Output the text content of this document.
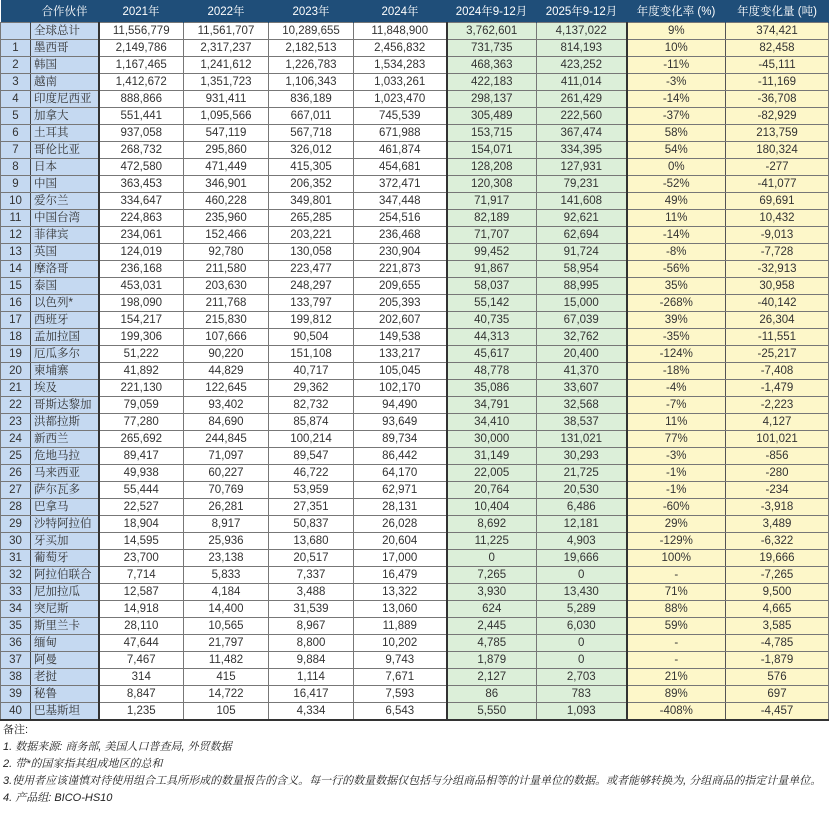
	合作伙伴	2021年	2022年	2023年	2024年	2024年9-12月	2025年9-12月	年度变化率 (%)	年度变化量 (吨)
	全球总计	11,556,779	11,561,707	10,289,655	11,848,900	3,762,601	4,137,022	9%	374,421
1	墨西哥	2,149,786	2,317,237	2,182,513	2,456,832	731,735	814,193	10%	82,458
2	韩国	1,167,465	1,241,612	1,226,783	1,534,283	468,363	423,252	-11%	-45,111
3	越南	1,412,672	1,351,723	1,106,343	1,033,261	422,183	411,014	-3%	-11,169
4	印度尼西亚	888,866	931,411	836,189	1,023,470	298,137	261,429	-14%	-36,708
5	加拿大	551,441	1,095,566	667,011	745,539	305,489	222,560	-37%	-82,929
6	土耳其	937,058	547,119	567,718	671,988	153,715	367,474	58%	213,759
7	哥伦比亚	268,732	295,860	326,012	461,874	154,071	334,395	54%	180,324
8	日本	472,580	471,449	415,305	454,681	128,208	127,931	0%	-277
9	中国	363,453	346,901	206,352	372,471	120,308	79,231	-52%	-41,077
10	爱尔兰	334,647	460,228	349,801	347,448	71,917	141,608	49%	69,691
11	中国台湾	224,863	235,960	265,285	254,516	82,189	92,621	11%	10,432
12	菲律宾	234,061	152,466	203,221	236,468	71,707	62,694	-14%	-9,013
13	英国	124,019	92,780	130,058	230,904	99,452	91,724	-8%	-7,728
14	摩洛哥	236,168	211,580	223,477	221,873	91,867	58,954	-56%	-32,913
15	泰国	453,031	203,630	248,297	209,655	58,037	88,995	35%	30,958
16	以色列*	198,090	211,768	133,797	205,393	55,142	15,000	-268%	-40,142
17	西班牙	154,217	215,830	199,812	202,607	40,735	67,039	39%	26,304
18	孟加拉国	199,306	107,666	90,504	149,538	44,313	32,762	-35%	-11,551
19	厄瓜多尔	51,222	90,220	151,108	133,217	45,617	20,400	-124%	-25,217
20	柬埔寨	41,892	44,829	40,717	105,045	48,778	41,370	-18%	-7,408
21	埃及	221,130	122,645	29,362	102,170	35,086	33,607	-4%	-1,479
22	哥斯达黎加	79,059	93,402	82,732	94,490	34,791	32,568	-7%	-2,223
23	洪都拉斯	77,280	84,690	85,874	93,649	34,410	38,537	11%	4,127
24	新西兰	265,692	244,845	100,214	89,734	30,000	131,021	77%	101,021
25	危地马拉	89,417	71,097	89,547	86,442	31,149	30,293	-3%	-856
26	马来西亚	49,938	60,227	46,722	64,170	22,005	21,725	-1%	-280
27	萨尔瓦多	55,444	70,769	53,959	62,971	20,764	20,530	-1%	-234
28	巴拿马	22,527	26,281	27,351	28,131	10,404	6,486	-60%	-3,918
29	沙特阿拉伯	18,904	8,917	50,837	26,028	8,692	12,181	29%	3,489
30	牙买加	14,595	25,936	13,680	20,604	11,225	4,903	-129%	-6,322
31	葡萄牙	23,700	23,138	20,517	17,000	0	19,666	100%	19,666
32	阿拉伯联合	7,714	5,833	7,337	16,479	7,265	0	-	-7,265
33	尼加拉瓜	12,587	4,184	3,488	13,322	3,930	13,430	71%	9,500
34	突尼斯	14,918	14,400	31,539	13,060	624	5,289	88%	4,665
35	斯里兰卡	28,110	10,565	8,967	11,889	2,445	6,030	59%	3,585
36	缅甸	47,644	21,797	8,800	10,202	4,785	0	-	-4,785
37	阿曼	7,467	11,482	9,884	9,743	1,879	0	-	-1,879
38	老挝	314	415	1,114	7,671	2,127	2,703	21%	576
39	秘鲁	8,847	14,722	16,417	7,593	86	783	89%	697
40	巴基斯坦	1,235	105	4,334	6,543	5,550	1,093	-408%	-4,457
备注:
1. 数据来源: 商务部, 美国人口普查局, 外贸数据
2. 带*的国家指其组成地区的总和
3.使用者应该谨慎对待使用组合工具所形成的数量报告的含义。每一行的数量数据仅包括与分组商品相等的计量单位的数据。或者能够转换为, 分组商品的指定计量单位。
4. 产品组: BICO-HS10
